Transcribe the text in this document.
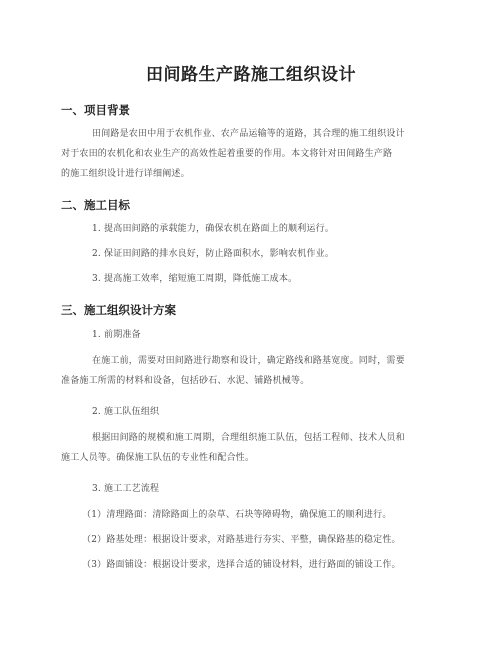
田间路生产路施工组织设计
一、项目背景
田间路是农田中用于农机作业、农产品运输等的道路，其合理的施工组织设计
对于农田的农机化和农业生产的高效性起着重要的作用。本文将针对田间路生产路
的施工组织设计进行详细阐述。
二、施工目标
1. 提高田间路的承载能力，确保农机在路面上的顺利运行。
2. 保证田间路的排水良好，防止路面积水，影响农机作业。
3. 提高施工效率，缩短施工周期，降低施工成本。
三、施工组织设计方案
1. 前期准备
在施工前，需要对田间路进行勘察和设计，确定路线和路基宽度。同时，需要
准备施工所需的材料和设备，包括砂石、水泥、铺路机械等。
2. 施工队伍组织
根据田间路的规模和施工周期，合理组织施工队伍，包括工程师、技术人员和
施工人员等。确保施工队伍的专业性和配合性。
3. 施工工艺流程
（1）清理路面：清除路面上的杂草、石块等障碍物，确保施工的顺利进行。
（2）路基处理：根据设计要求，对路基进行夯实、平整，确保路基的稳定性。
（3）路面铺设：根据设计要求，选择合适的铺设材料，进行路面的铺设工作。
